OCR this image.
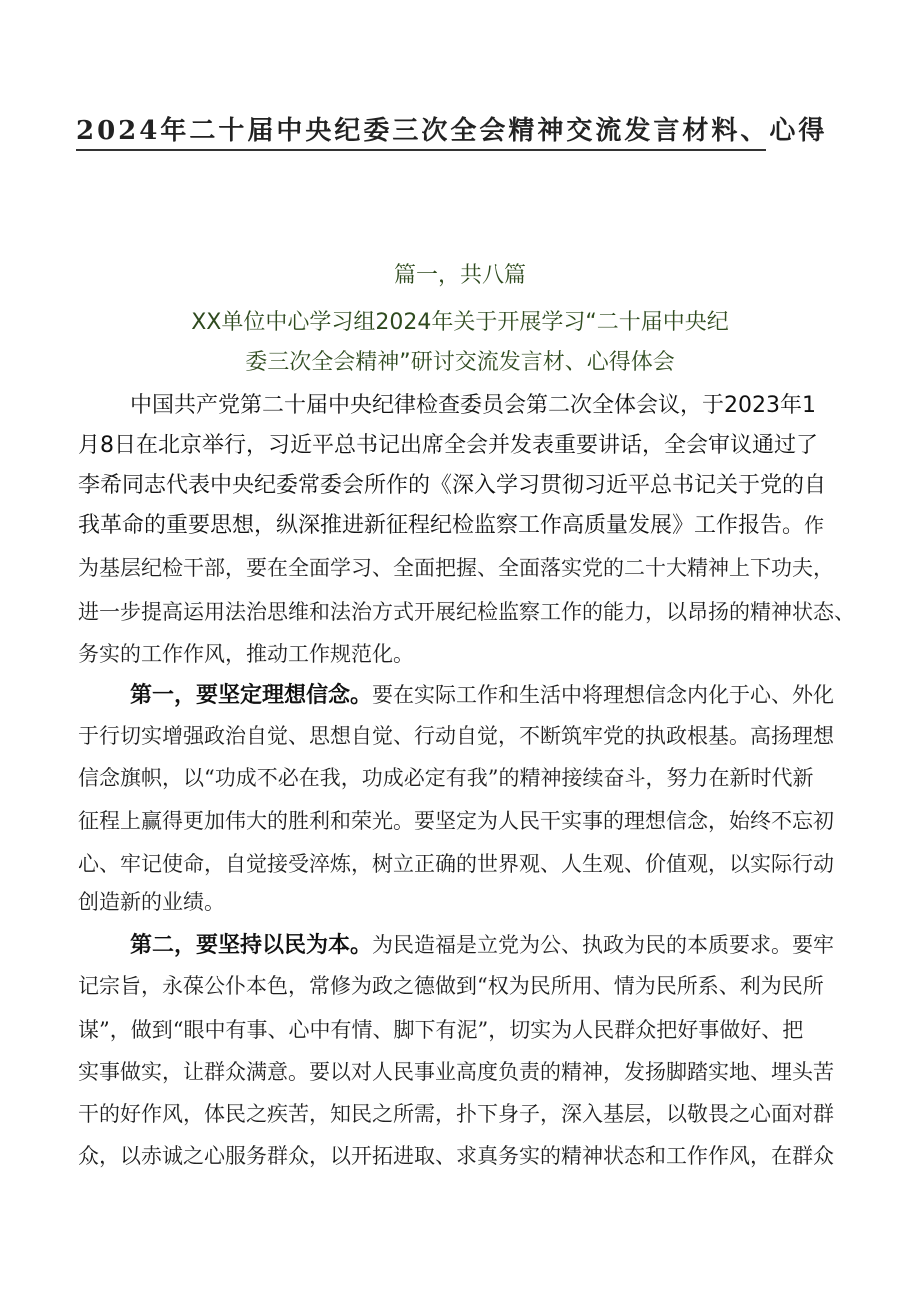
2024年二十届中央纪委三次全会精神交流发言材料、心得
篇一，共八篇
XX单位中心学习组2024年关于开展学习“二十届中央纪
委三次全会精神”研讨交流发言材、心得体会
中国共产党第二十届中央纪律检查委员会第二次全体会议，于2023年1
月8日在北京举行，习近平总书记出席全会并发表重要讲话，全会审议通过了
李希同志代表中央纪委常委会所作的《深入学习贯彻习近平总书记关于党的自
我革命的重要思想，纵深推进新征程纪检监察工作高质量发展》工作报告。作
为基层纪检干部，要在全面学习、全面把握、全面落实党的二十大精神上下功夫，
进一步提高运用法治思维和法治方式开展纪检监察工作的能力，以昂扬的精神状态、
务实的工作作风，推动工作规范化。
第一，要坚定理想信念。要在实际工作和生活中将理想信念内化于心、外化
于行切实增强政治自觉、思想自觉、行动自觉，不断筑牢党的执政根基。高扬理想
信念旗帜，以“功成不必在我，功成必定有我”的精神接续奋斗，努力在新时代新
征程上赢得更加伟大的胜利和荣光。要坚定为人民干实事的理想信念，始终不忘初
心、牢记使命，自觉接受淬炼，树立正确的世界观、人生观、价值观，以实际行动
创造新的业绩。
第二，要坚持以民为本。为民造福是立党为公、执政为民的本质要求。要牢
记宗旨，永葆公仆本色，常修为政之德做到“权为民所用、情为民所系、利为民所
谋”，做到“眼中有事、心中有情、脚下有泥”，切实为人民群众把好事做好、把
实事做实，让群众满意。要以对人民事业高度负责的精神，发扬脚踏实地、埋头苦
干的好作风，体民之疾苦，知民之所需，扑下身子，深入基层，以敬畏之心面对群
众，以赤诚之心服务群众，以开拓进取、求真务实的精神状态和工作作风，在群众
